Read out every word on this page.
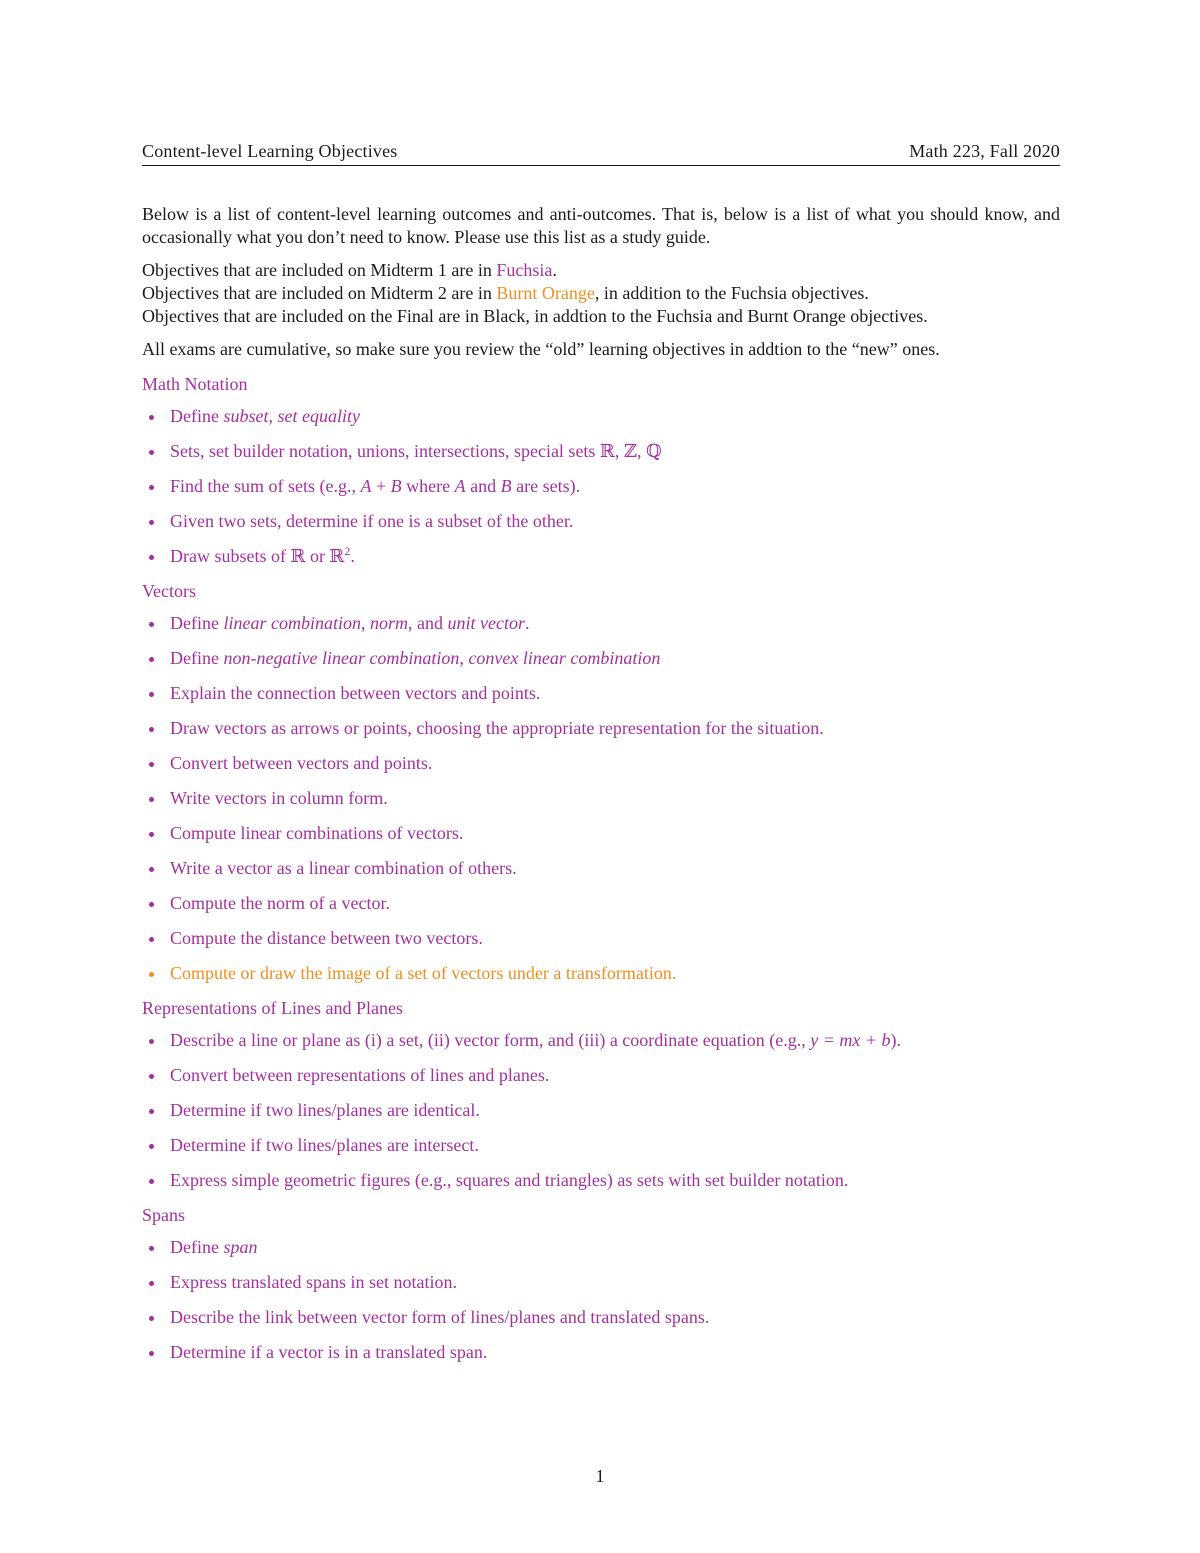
Content-level Learning Objectives	Math 223, Fall 2020

Below is a list of content-level learning outcomes and anti-outcomes. That is, below is a list of what you should know, and occasionally what you don’t need to know. Please use this list as a study guide.

Objectives that are included on Midterm 1 are in Fuchsia.

Objectives that are included on Midterm 2 are in Burnt Orange, in addition to the Fuchsia objectives.

Objectives that are included on the Final are in Black, in addtion to the Fuchsia and Burnt Orange objectives.

All exams are cumulative, so make sure you review the “old” learning objectives in addtion to the “new” ones.

Math Notation
Define subset, set equality
Sets, set builder notation, unions, intersections, special sets ℝ, ℤ, ℚ
Find the sum of sets (e.g., A + B where A and B are sets).
Given two sets, determine if one is a subset of the other.
Draw subsets of ℝ or ℝ$^2$.
Vectors
Define linear combination, norm, and unit vector.
Define non-negative linear combination, convex linear combination
Explain the connection between vectors and points.
Draw vectors as arrows or points, choosing the appropriate representation for the situation.
Convert between vectors and points.
Write vectors in column form.
Compute linear combinations of vectors.
Write a vector as a linear combination of others.
Compute the norm of a vector.
Compute the distance between two vectors.
Compute or draw the image of a set of vectors under a transformation.
Representations of Lines and Planes
Describe a line or plane as (i) a set, (ii) vector form, and (iii) a coordinate equation (e.g., y = mx + b).
Convert between representations of lines and planes.
Determine if two lines/planes are identical.
Determine if two lines/planes are intersect.
Express simple geometric figures (e.g., squares and triangles) as sets with set builder notation.
Spans
Define span
Express translated spans in set notation.
Describe the link between vector form of lines/planes and translated spans.
Determine if a vector is in a translated span.
1
